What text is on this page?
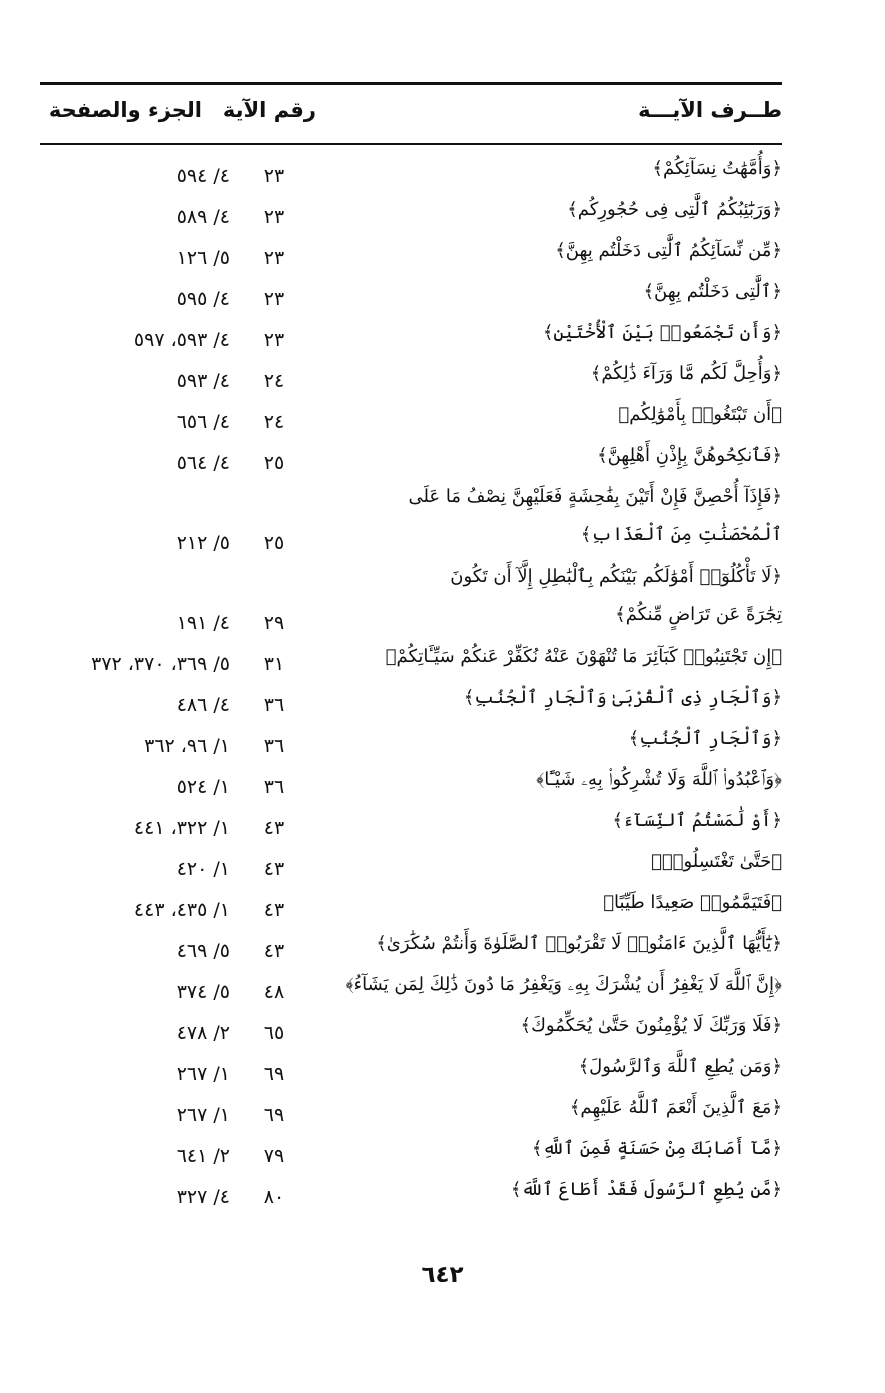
طــرف الآيـــة
رقم الآية
الجزء والصفحة
﴿وَأُمَّهَٰتُ نِسَآئِكُمْ﴾
٢٣
٤/ ٥٩٤
﴿وَرَبَٰٓئِبُكُمُ ٱلَّٰتِى فِى حُجُورِكُم﴾
٢٣
٤/ ٥٨٩
﴿مِّن نِّسَآئِكُمُ ٱلَّٰتِى دَخَلْتُم بِهِنَّ﴾
٢٣
٥/ ١٢٦
﴿ٱلَّٰتِى دَخَلْتُم بِهِنَّ﴾
٢٣
٤/ ٥٩٥
﴿وَأَن تَجْمَعُوا۟ بَيْنَ ٱلْأُخْتَيْنِ﴾
٢٣
٤/ ٥٩٣، ٥٩٧
﴿وَأُحِلَّ لَكُم مَّا وَرَآءَ ذَٰلِكُمْ﴾
٢٤
٤/ ٥٩٣
﴿أَن تَبْتَغُوا۟ بِأَمْوَٰلِكُم﴾
٢٤
٤/ ٦٥٦
﴿فَٱنكِحُوهُنَّ بِإِذْنِ أَهْلِهِنَّ﴾
٢٥
٤/ ٥٦٤
﴿فَإِذَآ أُحْصِنَّ فَإِنْ أَتَيْنَ بِفَٰحِشَةٍ فَعَلَيْهِنَّ نِصْفُ مَا عَلَى
ٱلْمُحْصَنَٰتِ مِنَ ٱلْعَذَابِ﴾
٢٥
٥/ ٢١٢
﴿لَا تَأْكُلُوٓا۟ أَمْوَٰلَكُم بَيْنَكُم بِٱلْبَٰطِلِ إِلَّآ أَن تَكُونَ
تِجَٰرَةً عَن تَرَاضٍ مِّنكُمْ﴾
٢٩
٤/ ١٩١
﴿إِن تَجْتَنِبُوا۟ كَبَآئِرَ مَا تُنْهَوْنَ عَنْهُ نُكَفِّرْ عَنكُمْ سَيِّـَٔاتِكُمْ﴾
٣١
٥/ ٣٦٩، ٣٧٠، ٣٧٢
﴿وَٱلْجَارِ ذِى ٱلْقُرْبَىٰ وَٱلْجَارِ ٱلْجُنُبِ﴾
٣٦
٤/ ٤٨٦
﴿وَٱلْجَارِ ٱلْجُنُبِ﴾
٣٦
١/ ٩٦، ٣٦٢
﴿وَٱعْبُدُوا۟ ٱللَّهَ وَلَا تُشْرِكُوا۟ بِهِۦ شَيْـًٔا﴾
٣٦
١/ ٥٢٤
﴿أَوْ لَٰمَسْتُمُ ٱلنِّسَآءَ﴾
٤٣
١/ ٣٢٢، ٤٤١
﴿حَتَّىٰ تَغْتَسِلُوا۟﴾
٤٣
١/ ٤٢٠
﴿فَتَيَمَّمُوا۟ صَعِيدًا طَيِّبًا﴾
٤٣
١/ ٤٣٥، ٤٤٣
﴿يَٰٓأَيُّهَا ٱلَّذِينَ ءَامَنُوا۟ لَا تَقْرَبُوا۟ ٱلصَّلَوٰةَ وَأَنتُمْ سُكَٰرَىٰ﴾
٤٣
٥/ ٤٦٩
﴿إِنَّ ٱللَّهَ لَا يَغْفِرُ أَن يُشْرَكَ بِهِۦ وَيَغْفِرُ مَا دُونَ ذَٰلِكَ لِمَن يَشَآءُ﴾
٤٨
٥/ ٣٧٤
﴿فَلَا وَرَبِّكَ لَا يُؤْمِنُونَ حَتَّىٰ يُحَكِّمُوكَ﴾
٦٥
٢/ ٤٧٨
﴿وَمَن يُطِعِ ٱللَّهَ وَٱلرَّسُولَ﴾
٦٩
١/ ٢٦٧
﴿مَعَ ٱلَّذِينَ أَنْعَمَ ٱللَّهُ عَلَيْهِم﴾
٦٩
١/ ٢٦٧
﴿مَّآ أَصَابَكَ مِنْ حَسَنَةٍ فَمِنَ ٱللَّهِ﴾
٧٩
٢/ ٦٤١
﴿مَّن يُطِعِ ٱلرَّسُولَ فَقَدْ أَطَاعَ ٱللَّهَ﴾
٨٠
٤/ ٣٢٧
٦٤٢
